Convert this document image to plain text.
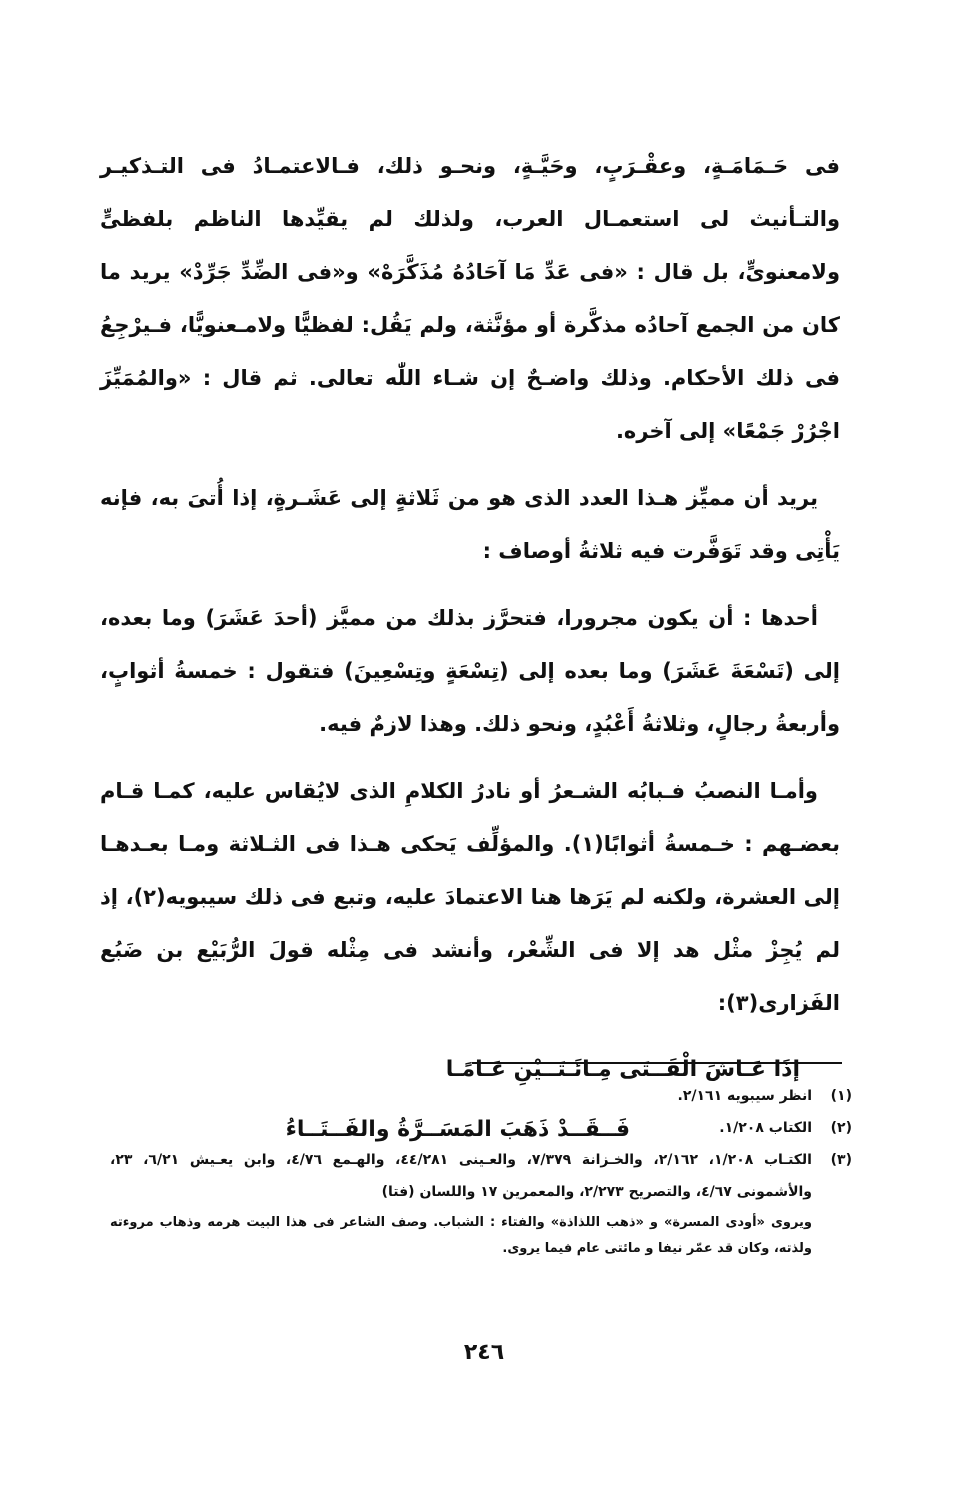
فى حَـمَامَـةٍ، وعقْـرَبٍ، وحَيَّـةٍ، ونحـو ذلك، فـالاعتمـادُ فى التـذكيـر والتـأنيث لى استعمـال العرب، ولذلك لم يقيِّدها الناظم بلفظىٍّ ولامعنوىٍّ، بل قال : «فى عَدِّ مَا آحَادُهُ مُذَكَّرَهْ» و«فى الضِّدِّ جَرِّدْ» يريد ما كان من الجمع آحادُه مذكَّرة أو مؤنَّثة، ولم يَقُل: لفظيًّا ولامـعنويًّا، فـيرْجِعُ فى ذلك الأحكام. وذلك واضـحٌ إن شـاء اللّٰه تعالى. ثم قال : «والمُمَيِّزَ اجْرُرْ جَمْعًا» إلى آخره.

يريد أن مميِّز هـذا العدد الذى هو من ثَلاثةٍ إلى عَشَـرةٍ، إذا أُتىَ به، فإنه يَأْتِى وقد تَوَفَّرت فيه ثلاثةُ أوصاف :

أحدها : أن يكون مجرورا، فتحرَّز بذلك من مميَّز (أحدَ عَشَرَ) وما بعده، إلى (تَسْعَةَ عَشَرَ) وما بعده إلى (تِسْعَةٍ وتِسْعِينَ) فتقول : خمسةُ أثوابٍ، وأربعةُ رجالٍ، وثلاثةُ أَعْبُدٍ، ونحو ذلك. وهذا لازمٌ فيه.

وأمـا النصبُ فـبابُه الشـعرُ أو نادرُ الكلامِ الذى لايُقاس عليه، كمـا قـام بعضـهم : خـمسةُ أثوابًا(١). والمؤلِّف يَحكى هـذا فى الثـلاثة ومـا بعـدهـا إلى العشرة، ولكنه لم يَرَها هنا الاعتمادَ عليه، وتبع فى ذلك سيبويه(٢)، إذ لم يُجِزْ مثْل هد إلا فى الشِّعْر، وأنشد فى مِثْله قولَ الرُّبَيْع بن ضَبُع الفَزارى(٣):

إذَا عَـاشَ الْفَــتَى مِـائَـتَــيْنِ عَـامًـا

فَــقَــدْ ذَهَبَ المَسَــرَّةُ والفَــتَــاءُ

(١)
انظر سيبويه ٢/١٦١.
(٢)
الكتاب ١/٢٠٨.
(٣)
الكتـاب ١/٢٠٨، ٢/١٦٢، والخـزانة ٧/٣٧٩، والعـينى ٤٤/٢٨١، والهـمع ٤/٧٦، وابن يعـيش ٦/٢١، ٢٣، والأشمونى ٤/٦٧، والتصريح ٢/٢٧٣، والمعمرين ١٧ واللسان (فتا)

ويروى «أودى المسرة» و «ذهب اللذاذة» والفتاء : الشباب. وصف الشاعر فى هذا البيت هرمه وذهاب مروءته ولذته، وكان قد عمّر نيفا و مائتى عام فيما يروى.

٢٤٦
